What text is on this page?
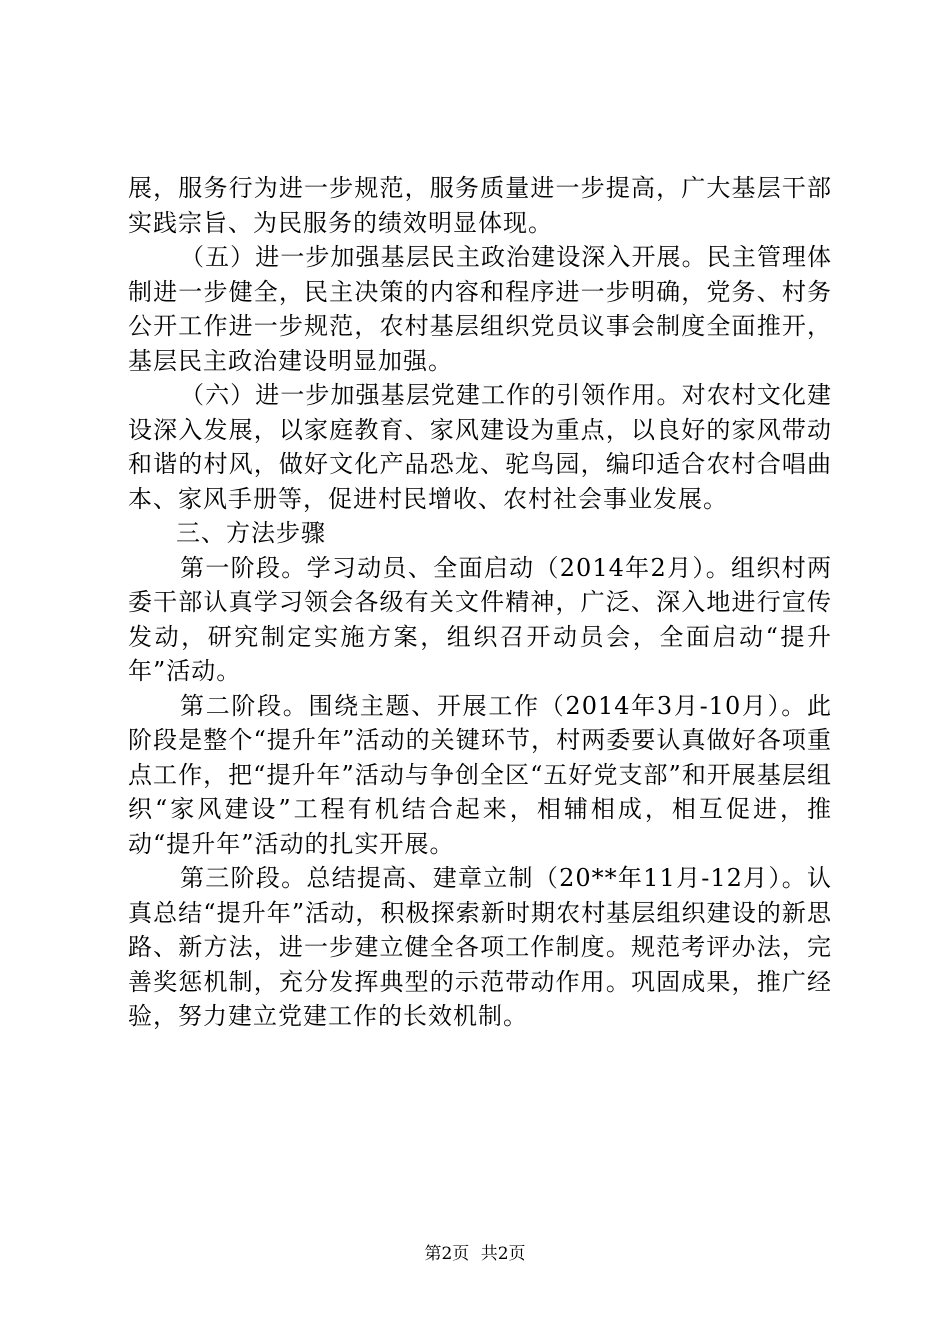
展，服务行为进一步规范，服务质量进一步提高，广大基层干部实践宗旨、为民服务的绩效明显体现。

（五）进一步加强基层民主政治建设深入开展。民主管理体制进一步健全，民主决策的内容和程序进一步明确，党务、村务公开工作进一步规范，农村基层组织党员议事会制度全面推开，基层民主政治建设明显加强。

（六）进一步加强基层党建工作的引领作用。对农村文化建设深入发展，以家庭教育、家风建设为重点，以良好的家风带动和谐的村风，做好文化产品恐龙、驼鸟园，编印适合农村合唱曲本、家风手册等，促进村民增收、农村社会事业发展。

三、方法步骤

第一阶段。学习动员、全面启动（2014年2月）。组织村两委干部认真学习领会各级有关文件精神，广泛、深入地进行宣传发动，研究制定实施方案，组织召开动员会，全面启动“提升年”活动。

第二阶段。围绕主题、开展工作（2014年3月-10月）。此阶段是整个“提升年”活动的关键环节，村两委要认真做好各项重点工作，把“提升年”活动与争创全区“五好党支部”和开展基层组织“家风建设”工程有机结合起来，相辅相成，相互促进，推动“提升年”活动的扎实开展。

第三阶段。总结提高、建章立制（20**年11月-12月）。认真总结“提升年”活动，积极探索新时期农村基层组织建设的新思路、新方法，进一步建立健全各项工作制度。规范考评办法，完善奖惩机制，充分发挥典型的示范带动作用。巩固成果，推广经验，努力建立党建工作的长效机制。

第2页 共2页
